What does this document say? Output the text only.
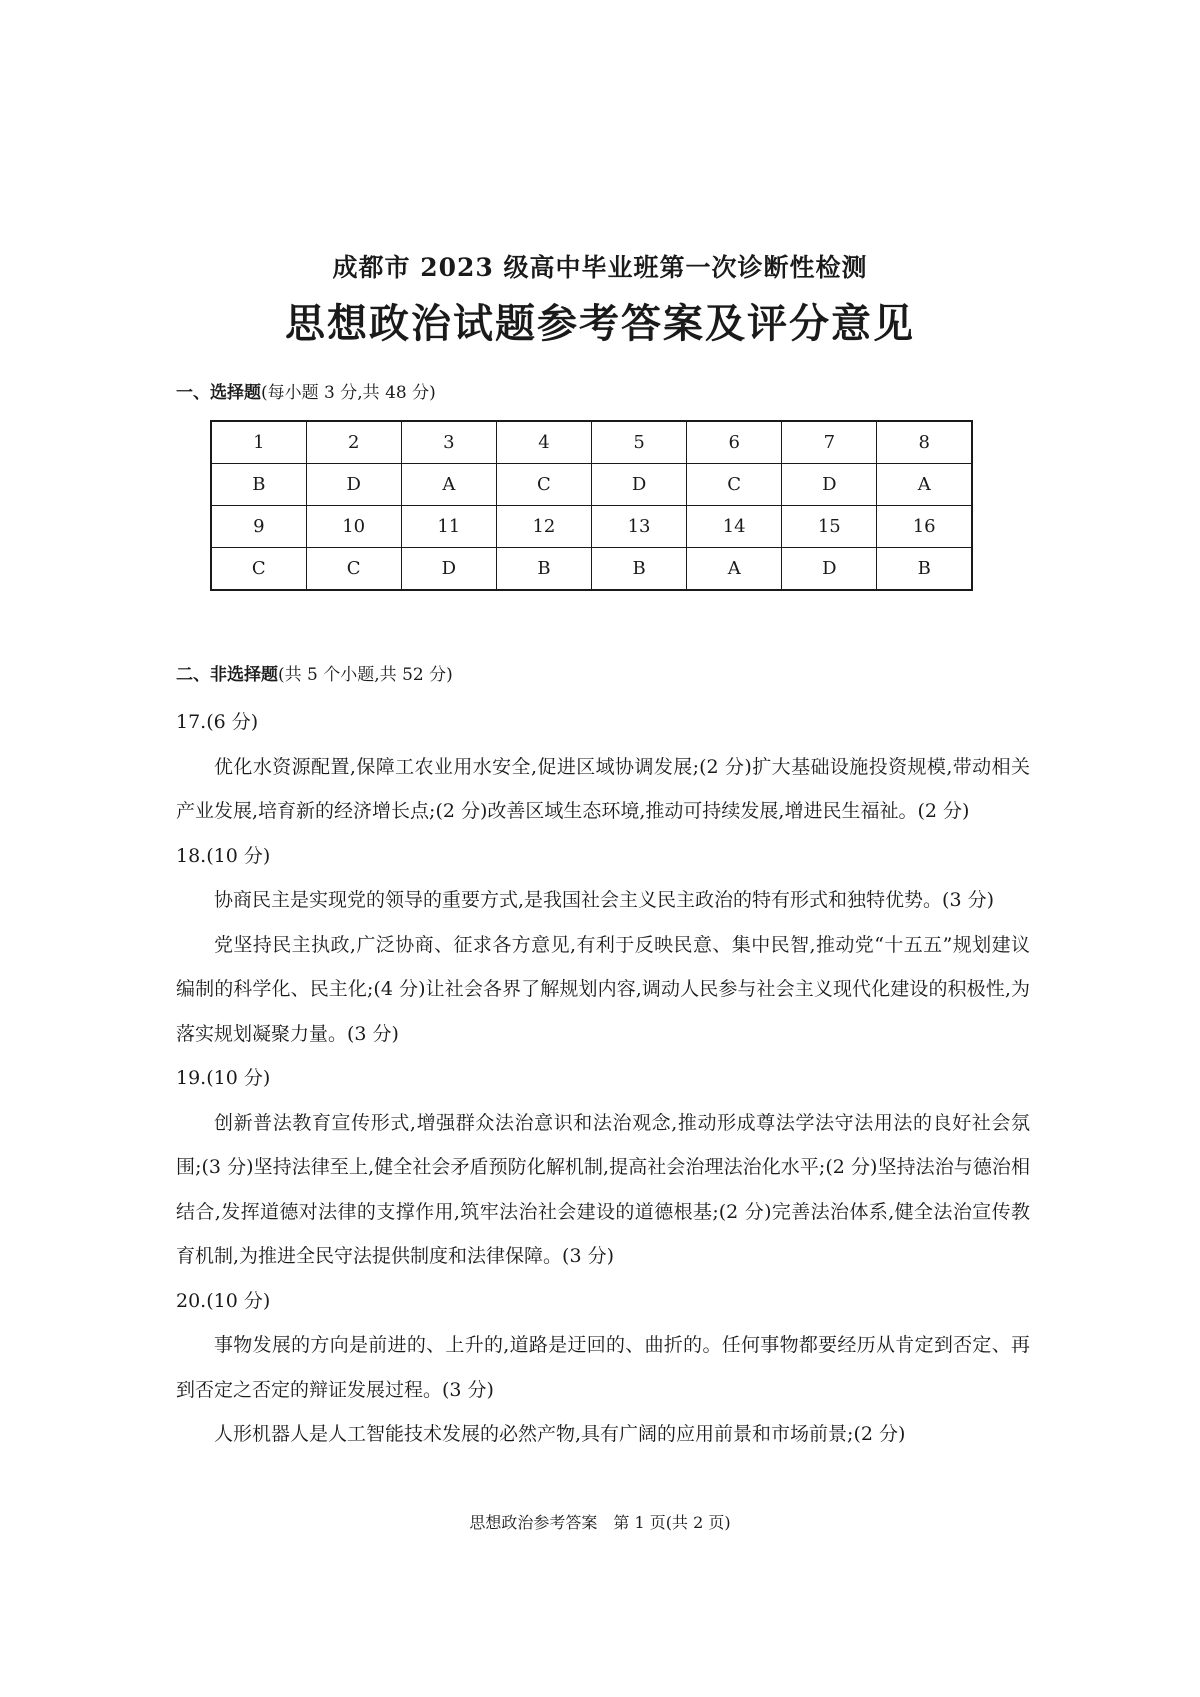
成都市 2023 级高中毕业班第一次诊断性检测
思想政治试题参考答案及评分意见
一、选择题(每小题 3 分,共 48 分)
1	2	3	4	5	6	7	8
B	D	A	C	D	C	D	A
9	10	11	12	13	14	15	16
C	C	D	B	B	A	D	B
二、非选择题(共 5 个小题,共 52 分)

17.(6 分)

优化水资源配置,保障工农业用水安全,促进区域协调发展;(2 分)扩大基础设施投资规模,带动相关产业发展,培育新的经济增长点;(2 分)改善区域生态环境,推动可持续发展,增进民生福祉。(2 分)

18.(10 分)

协商民主是实现党的领导的重要方式,是我国社会主义民主政治的特有形式和独特优势。(3 分)

党坚持民主执政,广泛协商、征求各方意见,有利于反映民意、集中民智,推动党“十五五”规划建议编制的科学化、民主化;(4 分)让社会各界了解规划内容,调动人民参与社会主义现代化建设的积极性,为落实规划凝聚力量。(3 分)

19.(10 分)

创新普法教育宣传形式,增强群众法治意识和法治观念,推动形成尊法学法守法用法的良好社会氛围;(3 分)坚持法律至上,健全社会矛盾预防化解机制,提高社会治理法治化水平;(2 分)坚持法治与德治相结合,发挥道德对法律的支撑作用,筑牢法治社会建设的道德根基;(2 分)完善法治体系,健全法治宣传教育机制,为推进全民守法提供制度和法律保障。(3 分)

20.(10 分)

事物发展的方向是前进的、上升的,道路是迂回的、曲折的。任何事物都要经历从肯定到否定、再到否定之否定的辩证发展过程。(3 分)

人形机器人是人工智能技术发展的必然产物,具有广阔的应用前景和市场前景;(2 分)

思想政治参考答案　第 1 页(共 2 页)
